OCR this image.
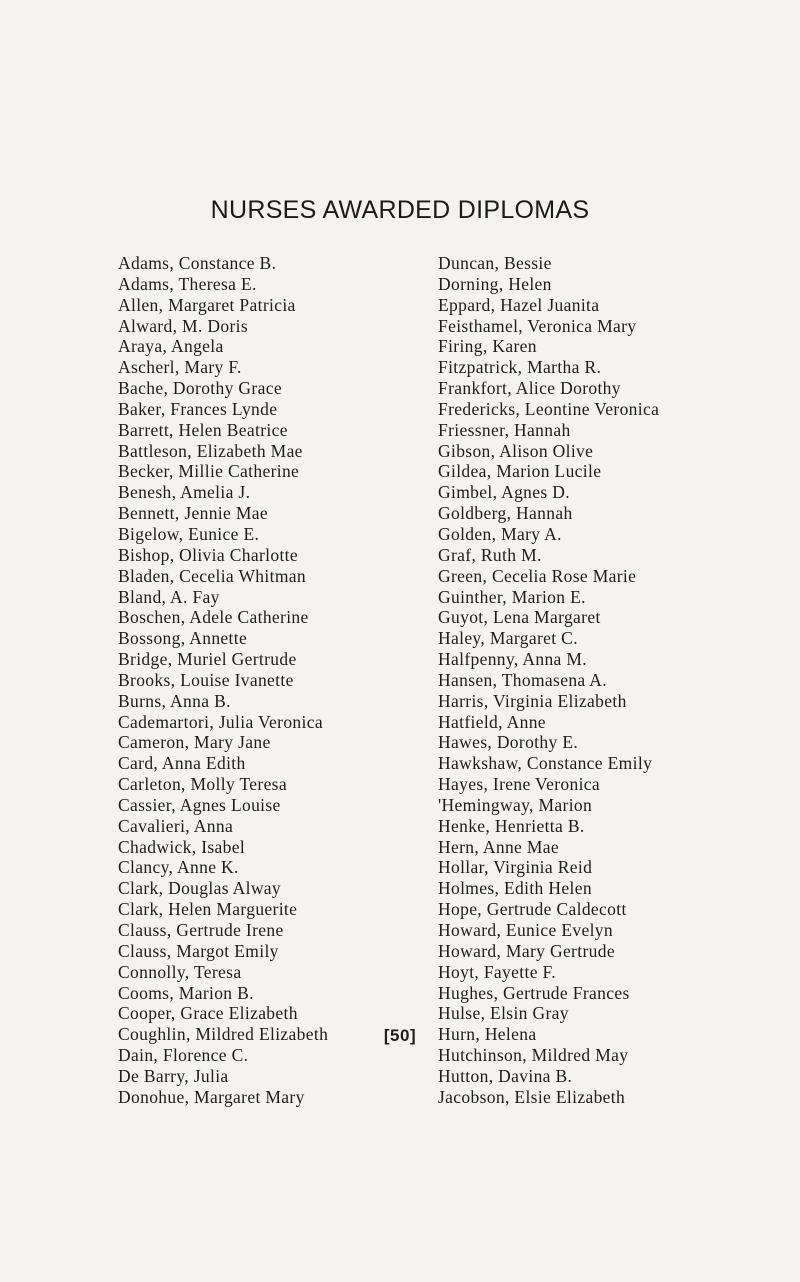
NURSES AWARDED DIPLOMAS
Adams, Constance B.
Adams, Theresa E.
Allen, Margaret Patricia
Alward, M. Doris
Araya, Angela
Ascherl, Mary F.
Bache, Dorothy Grace
Baker, Frances Lynde
Barrett, Helen Beatrice
Battleson, Elizabeth Mae
Becker, Millie Catherine
Benesh, Amelia J.
Bennett, Jennie Mae
Bigelow, Eunice E.
Bishop, Olivia Charlotte
Bladen, Cecelia Whitman
Bland, A. Fay
Boschen, Adele Catherine
Bossong, Annette
Bridge, Muriel Gertrude
Brooks, Louise Ivanette
Burns, Anna B.
Cademartori, Julia Veronica
Cameron, Mary Jane
Card, Anna Edith
Carleton, Molly Teresa
Cassier, Agnes Louise
Cavalieri, Anna
Chadwick, Isabel
Clancy, Anne K.
Clark, Douglas Alway
Clark, Helen Marguerite
Clauss, Gertrude Irene
Clauss, Margot Emily
Connolly, Teresa
Cooms, Marion B.
Cooper, Grace Elizabeth
Coughlin, Mildred Elizabeth
Dain, Florence C.
De Barry, Julia
Donohue, Margaret Mary
Duncan, Bessie
Dorning, Helen
Eppard, Hazel Juanita
Feisthamel, Veronica Mary
Firing, Karen
Fitzpatrick, Martha R.
Frankfort, Alice Dorothy
Fredericks, Leontine Veronica
Friessner, Hannah
Gibson, Alison Olive
Gildea, Marion Lucile
Gimbel, Agnes D.
Goldberg, Hannah
Golden, Mary A.
Graf, Ruth M.
Green, Cecelia Rose Marie
Guinther, Marion E.
Guyot, Lena Margaret
Haley, Margaret C.
Halfpenny, Anna M.
Hansen, Thomasena A.
Harris, Virginia Elizabeth
Hatfield, Anne
Hawes, Dorothy E.
Hawkshaw, Constance Emily
Hayes, Irene Veronica
'Hemingway, Marion
Henke, Henrietta B.
Hern, Anne Mae
Hollar, Virginia Reid
Holmes, Edith Helen
Hope, Gertrude Caldecott
Howard, Eunice Evelyn
Howard, Mary Gertrude
Hoyt, Fayette F.
Hughes, Gertrude Frances
Hulse, Elsin Gray
Hurn, Helena
Hutchinson, Mildred May
Hutton, Davina B.
Jacobson, Elsie Elizabeth
[50]
